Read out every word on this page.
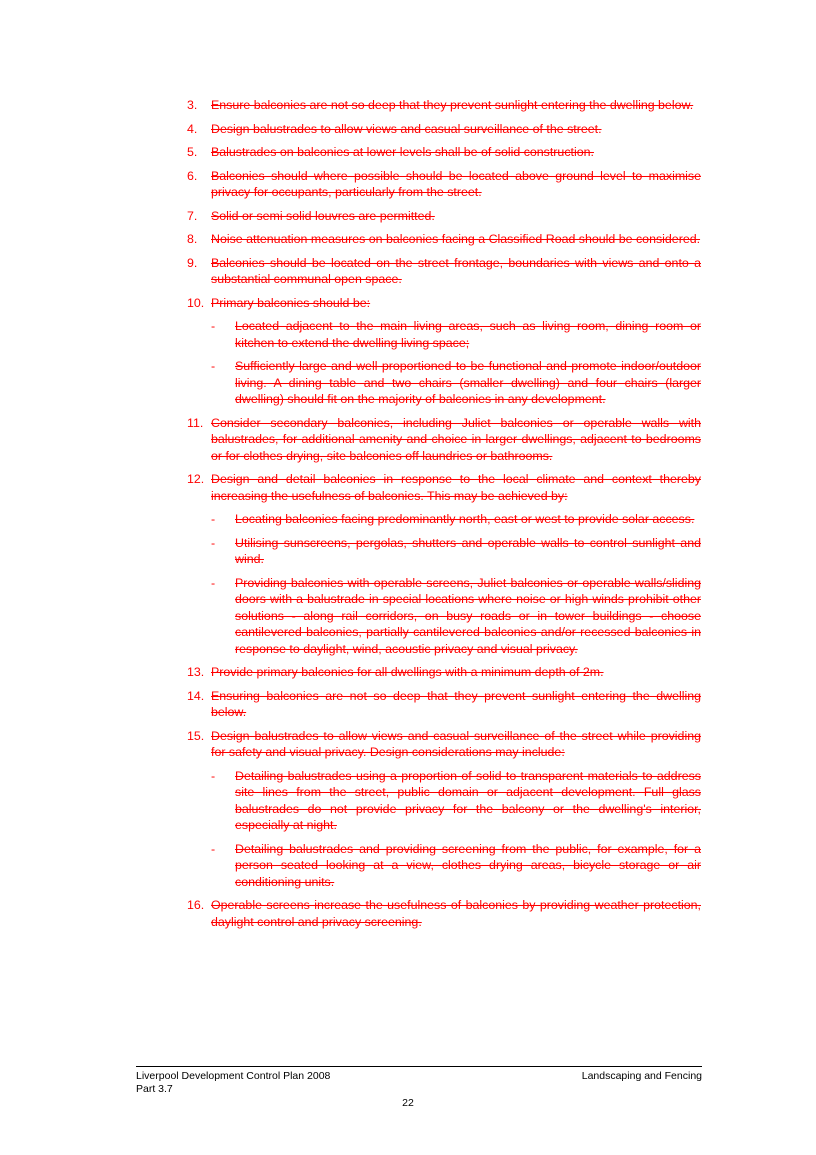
3. Ensure balconies are not so deep that they prevent sunlight entering the dwelling below.
4. Design balustrades to allow views and casual surveillance of the street.
5. Balustrades on balconies at lower levels shall be of solid construction.
6. Balconies should where possible should be located above ground level to maximise privacy for occupants, particularly from the street.
7. Solid or semi solid louvres are permitted.
8. Noise attenuation measures on balconies facing a Classified Road should be considered.
9. Balconies should be located on the street frontage, boundaries with views and onto a substantial communal open space.
10. Primary balconies should be:
- Located adjacent to the main living areas, such as living room, dining room or kitchen to extend the dwelling living space;
- Sufficiently large and well proportioned to be functional and promote indoor/outdoor living. A dining table and two chairs (smaller dwelling) and four chairs (larger dwelling) should fit on the majority of balconies in any development.
11. Consider secondary balconies, including Juliet balconies or operable walls with balustrades, for additional amenity and choice in larger dwellings, adjacent to bedrooms or for clothes drying, site balconies off laundries or bathrooms.
12. Design and detail balconies in response to the local climate and context thereby increasing the usefulness of balconies. This may be achieved by:
- Locating balconies facing predominantly north, east or west to provide solar access.
- Utilising sunscreens, pergolas, shutters and operable walls to control sunlight and wind.
- Providing balconies with operable screens, Juliet balconies or operable walls/sliding doors with a balustrade in special locations where noise or high winds prohibit other solutions - along rail corridors, on busy roads or in tower buildings - choose cantilevered balconies, partially cantilevered balconies and/or recessed balconies in response to daylight, wind, acoustic privacy and visual privacy.
13. Provide primary balconies for all dwellings with a minimum depth of 2m.
14. Ensuring balconies are not so deep that they prevent sunlight entering the dwelling below.
15. Design balustrades to allow views and casual surveillance of the street while providing for safety and visual privacy. Design considerations may include:
- Detailing balustrades using a proportion of solid to transparent materials to address site lines from the street, public domain or adjacent development. Full glass balustrades do not provide privacy for the balcony or the dwelling's interior, especially at night.
- Detailing balustrades and providing screening from the public, for example, for a person seated looking at a view, clothes drying areas, bicycle storage or air conditioning units.
16. Operable screens increase the usefulness of balconies by providing weather protection, daylight control and privacy screening.
Liverpool Development Control Plan 2008
Part 3.7
Landscaping and Fencing
22
